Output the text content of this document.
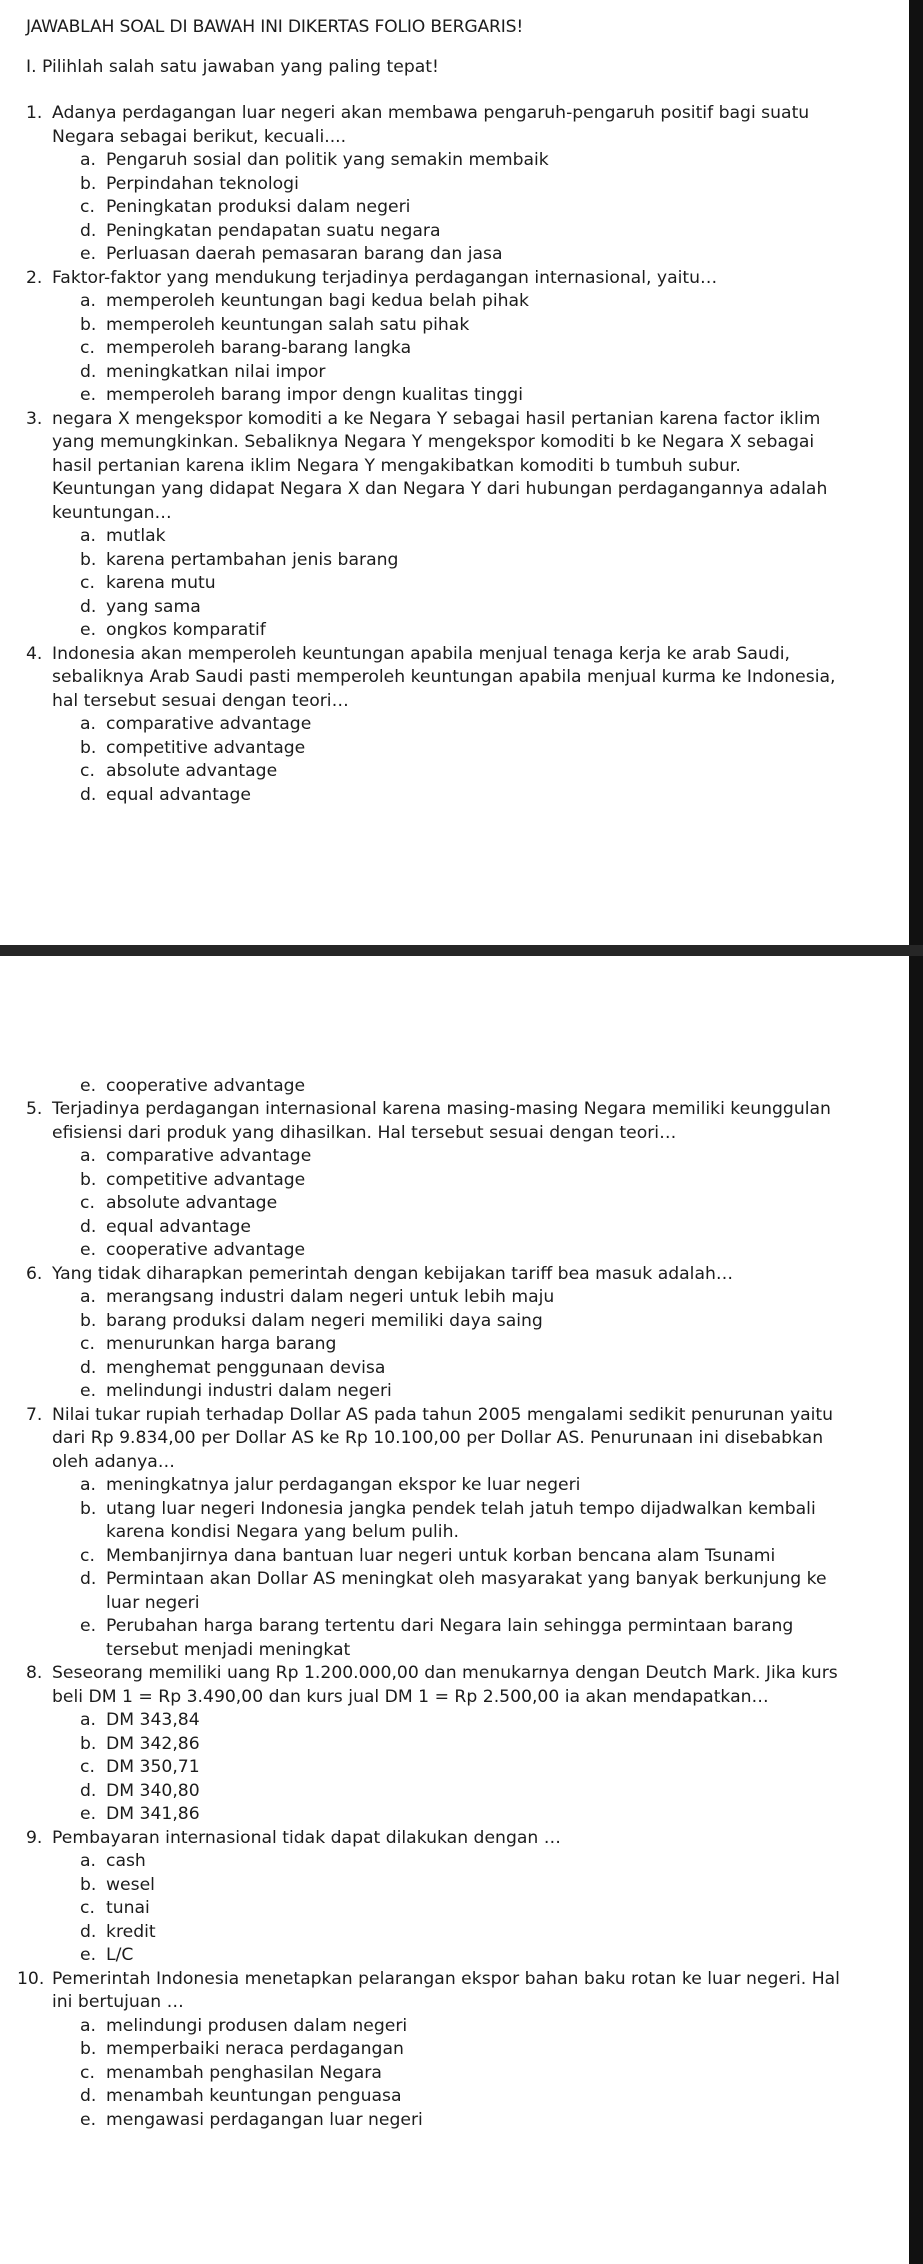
JAWABLAH SOAL DI BAWAH INI DIKERTAS FOLIO BERGARIS!
I. Pilihlah salah satu jawaban yang paling tepat!
1. Adanya perdagangan luar negeri akan membawa pengaruh-pengaruh positif bagi suatu Negara sebagai berikut, kecuali....
a. Pengaruh sosial dan politik yang semakin membaik
b. Perpindahan teknologi
c. Peningkatan produksi dalam negeri
d. Peningkatan pendapatan suatu negara
e. Perluasan daerah pemasaran barang dan jasa
2. Faktor-faktor yang mendukung terjadinya perdagangan internasional, yaitu…
a. memperoleh keuntungan bagi kedua belah pihak
b. memperoleh keuntungan salah satu pihak
c. memperoleh barang-barang langka
d. meningkatkan nilai impor
e. memperoleh barang impor dengn kualitas tinggi
3. negara X mengekspor komoditi a ke Negara Y sebagai hasil pertanian karena factor iklim yang memungkinkan. Sebaliknya Negara Y mengekspor komoditi b ke Negara X sebagai hasil pertanian karena iklim Negara Y mengakibatkan komoditi b tumbuh subur. Keuntungan yang didapat Negara X dan Negara Y dari hubungan perdagangannya adalah keuntungan…
a. mutlak
b. karena pertambahan jenis barang
c. karena mutu
d. yang sama
e. ongkos komparatif
4. Indonesia akan memperoleh keuntungan apabila menjual tenaga kerja ke arab Saudi, sebaliknya Arab Saudi pasti memperoleh keuntungan apabila menjual kurma ke Indonesia, hal tersebut sesuai dengan teori…
a. comparative advantage
b. competitive advantage
c. absolute advantage
d. equal advantage
e. cooperative advantage
5. Terjadinya perdagangan internasional karena masing-masing Negara memiliki keunggulan efisiensi dari produk yang dihasilkan. Hal tersebut sesuai dengan teori…
a. comparative advantage
b. competitive advantage
c. absolute advantage
d. equal advantage
e. cooperative advantage
6. Yang tidak diharapkan pemerintah dengan kebijakan tariff bea masuk adalah…
a. merangsang industri dalam negeri untuk lebih maju
b. barang produksi dalam negeri memiliki daya saing
c. menurunkan harga barang
d. menghemat penggunaan devisa
e. melindungi industri dalam negeri
7. Nilai tukar rupiah terhadap Dollar AS pada tahun 2005 mengalami sedikit penurunan yaitu dari Rp 9.834,00 per Dollar AS ke Rp 10.100,00 per Dollar AS. Penurunaan ini disebabkan oleh adanya…
a. meningkatnya jalur perdagangan ekspor ke luar negeri
b. utang luar negeri Indonesia jangka pendek telah jatuh tempo dijadwalkan kembali karena kondisi Negara yang belum pulih.
c. Membanjirnya dana bantuan luar negeri untuk korban bencana alam Tsunami
d. Permintaan akan Dollar AS meningkat oleh masyarakat yang banyak berkunjung ke luar negeri
e. Perubahan harga barang tertentu dari Negara lain sehingga permintaan barang tersebut menjadi meningkat
8. Seseorang memiliki uang Rp 1.200.000,00 dan menukarnya dengan Deutch Mark. Jika kurs beli DM 1 = Rp 3.490,00 dan kurs jual DM 1 = Rp 2.500,00 ia akan mendapatkan…
a. DM 343,84
b. DM 342,86
c. DM 350,71
d. DM 340,80
e. DM 341,86
9. Pembayaran internasional tidak dapat dilakukan dengan …
a. cash
b. wesel
c. tunai
d. kredit
e. L/C
10. Pemerintah Indonesia menetapkan pelarangan ekspor bahan baku rotan ke luar negeri. Hal ini bertujuan …
a. melindungi produsen dalam negeri
b. memperbaiki neraca perdagangan
c. menambah penghasilan Negara
d. menambah keuntungan penguasa
e. mengawasi perdagangan luar negeri
